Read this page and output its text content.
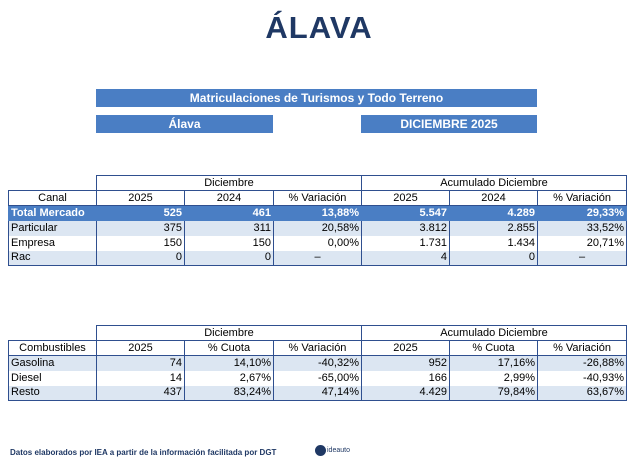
ÁLAVA
Matriculaciones de Turismos y Todo Terreno
Álava	DICIEMBRE 2025
	Diciembre			Acumulado Diciembre		
Canal	2025	2024	% Variación	2025	2024	% Variación
Total Mercado	525	461	13,88%	5.547	4.289	29,33%
Particular	375	311	20,58%	3.812	2.855	33,52%
Empresa	150	150	0,00%	1.731	1.434	20,71%
Rac	0	0	–	4	0	–
	Diciembre			Acumulado Diciembre		
Combustibles	2025	% Cuota	% Variación	2025	% Cuota	% Variación
Gasolina	74	14,10%	-40,32%	952	17,16%	-26,88%
Diesel	14	2,67%	-65,00%	166	2,99%	-40,93%
Resto	437	83,24%	47,14%	4.429	79,84%	63,67%
Datos elaborados por IEA a partir de la información facilitada por DGT	ideauto
